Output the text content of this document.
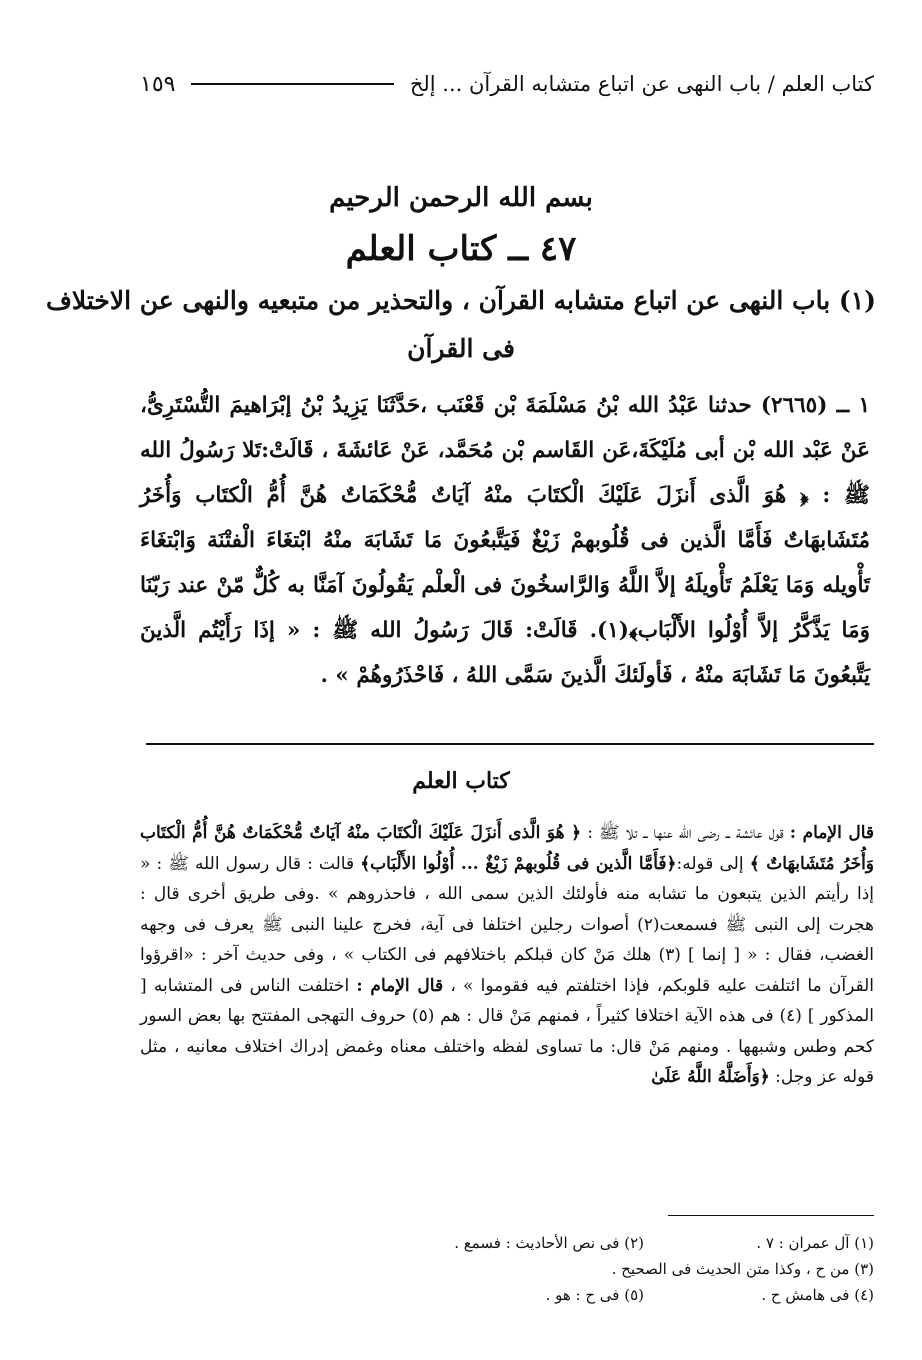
كتاب العلم / باب النهى عن اتباع متشابه القرآن ... إلخ
١٥٩
بسم الله الرحمن الرحيم
٤٧ ــ كتاب العلم
(١) باب النهى عن اتباع متشابه القرآن ، والتحذير من متبعيه والنهى عن الاختلاف فى القرآن
١ ــ (٢٦٦٥) حدثنا عَبْدُ الله بْنُ مَسْلَمَةَ بْن قَعْنَب ،حَدَّثَنَا يَزِيدُ بْنُ إبْرَاهيمَ التُّسْتَرِىُّ، عَنْ عَبْد الله بْن أبى مُلَيْكَةَ،عَن القَاسم بْن مُحَمَّد، عَنْ عَائشَةَ ، قَالَتْ:تَلا رَسُولُ الله ﷺ : ﴿ هُوَ الَّذى أَنزَلَ عَلَيْكَ الْكتَابَ منْهُ آيَاتٌ مُّحْكَمَاتٌ هُنَّ أُمُّ الْكتَاب وَأُخَرُ مُتَشَابهَاتٌ فَأَمَّا الَّذين فى قُلُوبهمْ زَيْغٌ فَيَتَّبعُونَ مَا تَشَابَهَ منْهُ ابْتغَاءَ الْفتْنَة وَابْتغَاءَ تَأْويله وَمَا يَعْلَمُ تَأْويلَهُ إلاَّ اللَّهُ وَالرَّاسخُونَ فى الْعلْم يَقُولُونَ آمَنَّا به كُلٌّ مّنْ عند رَبّنَا وَمَا يَذَّكَّرُ إلاَّ أُوْلُوا الأَلْبَاب﴾(١). قَالَتْ: قَالَ رَسُولُ الله ﷺ : « إذَا رَأَيْتُم الَّذينَ يَتَّبعُونَ مَا تَشَابَهَ منْهُ ، فَأولَئكَ الَّذينَ سَمَّى اللهُ ، فَاحْذَرُوهُمْ » .
كتاب العلم
قال الإمام : قول عائشة ــ رضى الله عنها ــ تلا ﷺ : ﴿ هُوَ الَّذى أَنزَلَ عَلَيْكَ الْكتَابَ منْهُ آيَاتٌ مُّحْكَمَاتٌ هُنَّ أُمُّ الْكتَاب وَأُخَرُ مُتَشَابهَاتٌ ﴾ إلى قوله:﴿فَأَمَّا الَّذين فى قُلُوبهمْ زَيْغٌ ... أُوْلُوا الأَلْبَاب﴾ قالت : قال رسول الله ﷺ : « إذا رأيتم الذين يتبعون ما تشابه منه فأولئك الذين سمى الله ، فاحذروهم » .وفى طريق أخرى قال : هجرت إلى النبى ﷺ فسمعت(٢) أصوات رجلين اختلفا فى آية، فخرج علينا النبى ﷺ يعرف فى وجهه الغضب، فقال : « [ إنما ] (٣) هلك مَنْ كان قبلكم باختلافهم فى الكتاب » ، وفى حديث آخر : «اقرؤوا القرآن ما ائتلفت عليه قلوبكم، فإذا اختلفتم فيه فقوموا » ، قال الإمام : اختلفت الناس فى المتشابه [ المذكور ] (٤) فى هذه الآية اختلافا كثيراً ، فمنهم مَنْ قال : هم (٥) حروف التهجى المفتتح بها بعض السور كحم وطس وشبهها . ومنهم مَنْ قال: ما تساوى لفظه واختلف معناه وغمض إدراك اختلاف معانيه ، مثل قوله عز وجل: ﴿وَأَضَلَّهُ اللَّهُ عَلَىٰ
(١) آل عمران : ٧ .
(٢) فى نص الأحاديث : فسمع .
(٣) من ح ، وكذا متن الحديث فى الصحيح .
(٤) فى هامش ح .
(٥) فى ح : هو .
